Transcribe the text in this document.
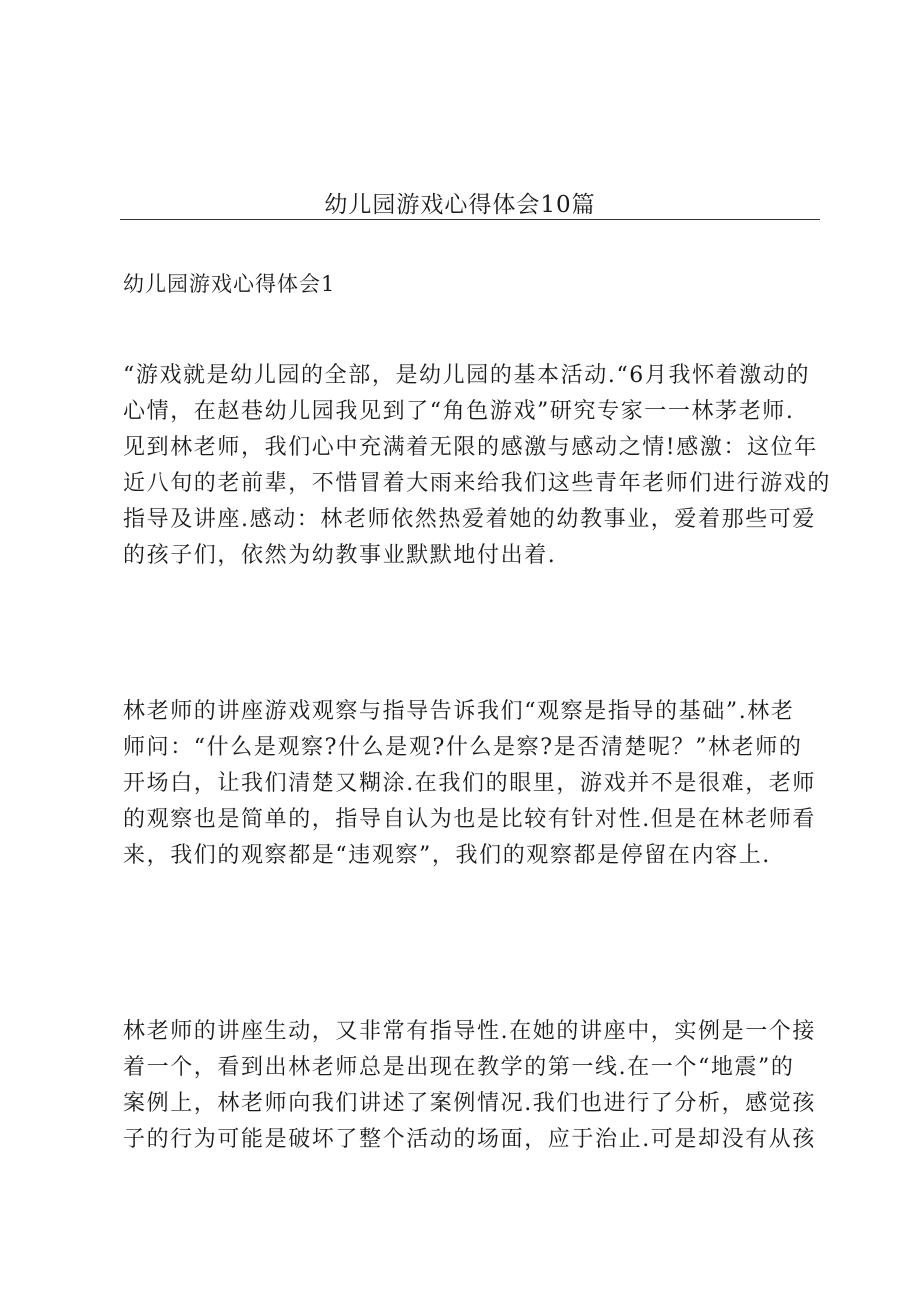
幼儿园游戏心得体会10篇
幼儿园游戏心得体会1

“游戏就是幼儿园的全部，是幼儿园的基本活动.“6月我怀着激动的
心情，在赵巷幼儿园我见到了“角色游戏”研究专家一一林茅老师.
见到林老师，我们心中充满着无限的感激与感动之情!感激：这位年
近八旬的老前辈，不惜冒着大雨来给我们这些青年老师们进行游戏的
指导及讲座.感动：林老师依然热爱着她的幼教事业，爱着那些可爱
的孩子们，依然为幼教事业默默地付出着.

林老师的讲座游戏观察与指导告诉我们“观察是指导的基础”.林老
师问：“什么是观察?什么是观?什么是察?是否清楚呢？”林老师的
开场白，让我们清楚又糊涂.在我们的眼里，游戏并不是很难，老师
的观察也是简单的，指导自认为也是比较有针对性.但是在林老师看
来，我们的观察都是“违观察”，我们的观察都是停留在内容上.

林老师的讲座生动，又非常有指导性.在她的讲座中，实例是一个接
着一个，看到出林老师总是出现在教学的第一线.在一个“地震”的
案例上，林老师向我们讲述了案例情况.我们也进行了分析，感觉孩
子的行为可能是破坏了整个活动的场面，应于治止.可是却没有从孩
